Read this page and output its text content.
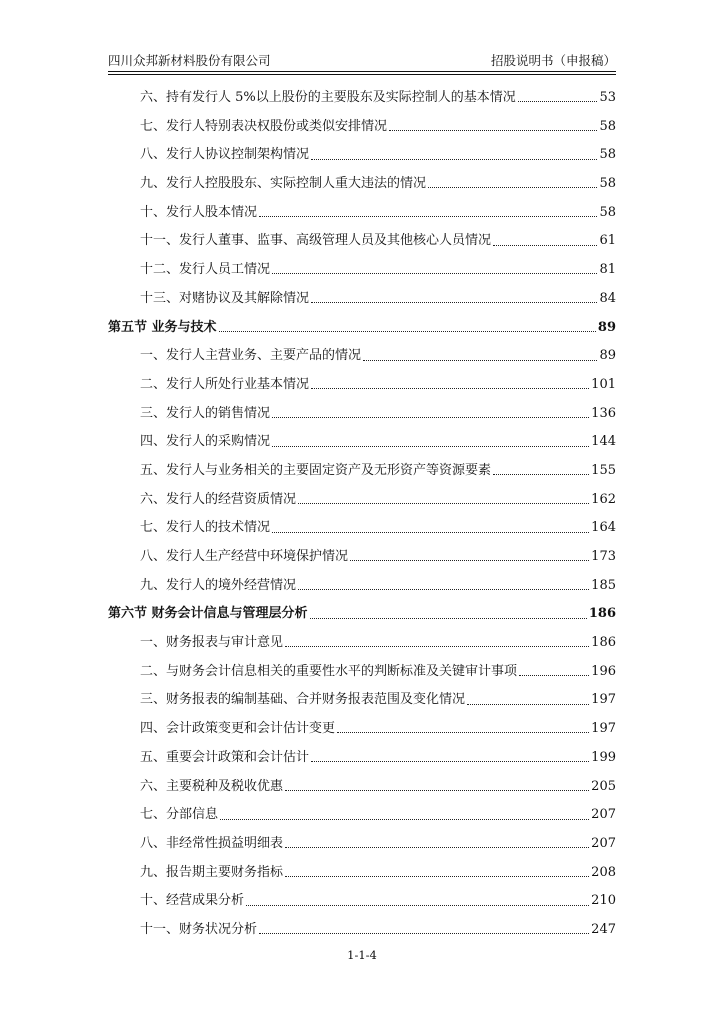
四川众邦新材料股份有限公司	招股说明书（申报稿）
六、持有发行人 5%以上股份的主要股东及实际控制人的基本情况	53
七、发行人特别表决权股份或类似安排情况	58
八、发行人协议控制架构情况	58
九、发行人控股股东、实际控制人重大违法的情况	58
十、发行人股本情况	58
十一、发行人董事、监事、高级管理人员及其他核心人员情况	61
十二、发行人员工情况	81
十三、对赌协议及其解除情况	84
第五节 业务与技术	89
一、发行人主营业务、主要产品的情况	89
二、发行人所处行业基本情况	101
三、发行人的销售情况	136
四、发行人的采购情况	144
五、发行人与业务相关的主要固定资产及无形资产等资源要素	155
六、发行人的经营资质情况	162
七、发行人的技术情况	164
八、发行人生产经营中环境保护情况	173
九、发行人的境外经营情况	185
第六节 财务会计信息与管理层分析	186
一、财务报表与审计意见	186
二、与财务会计信息相关的重要性水平的判断标准及关键审计事项	196
三、财务报表的编制基础、合并财务报表范围及变化情况	197
四、会计政策变更和会计估计变更	197
五、重要会计政策和会计估计	199
六、主要税种及税收优惠	205
七、分部信息	207
八、非经常性损益明细表	207
九、报告期主要财务指标	208
十、经营成果分析	210
十一、财务状况分析	247
1-1-4
